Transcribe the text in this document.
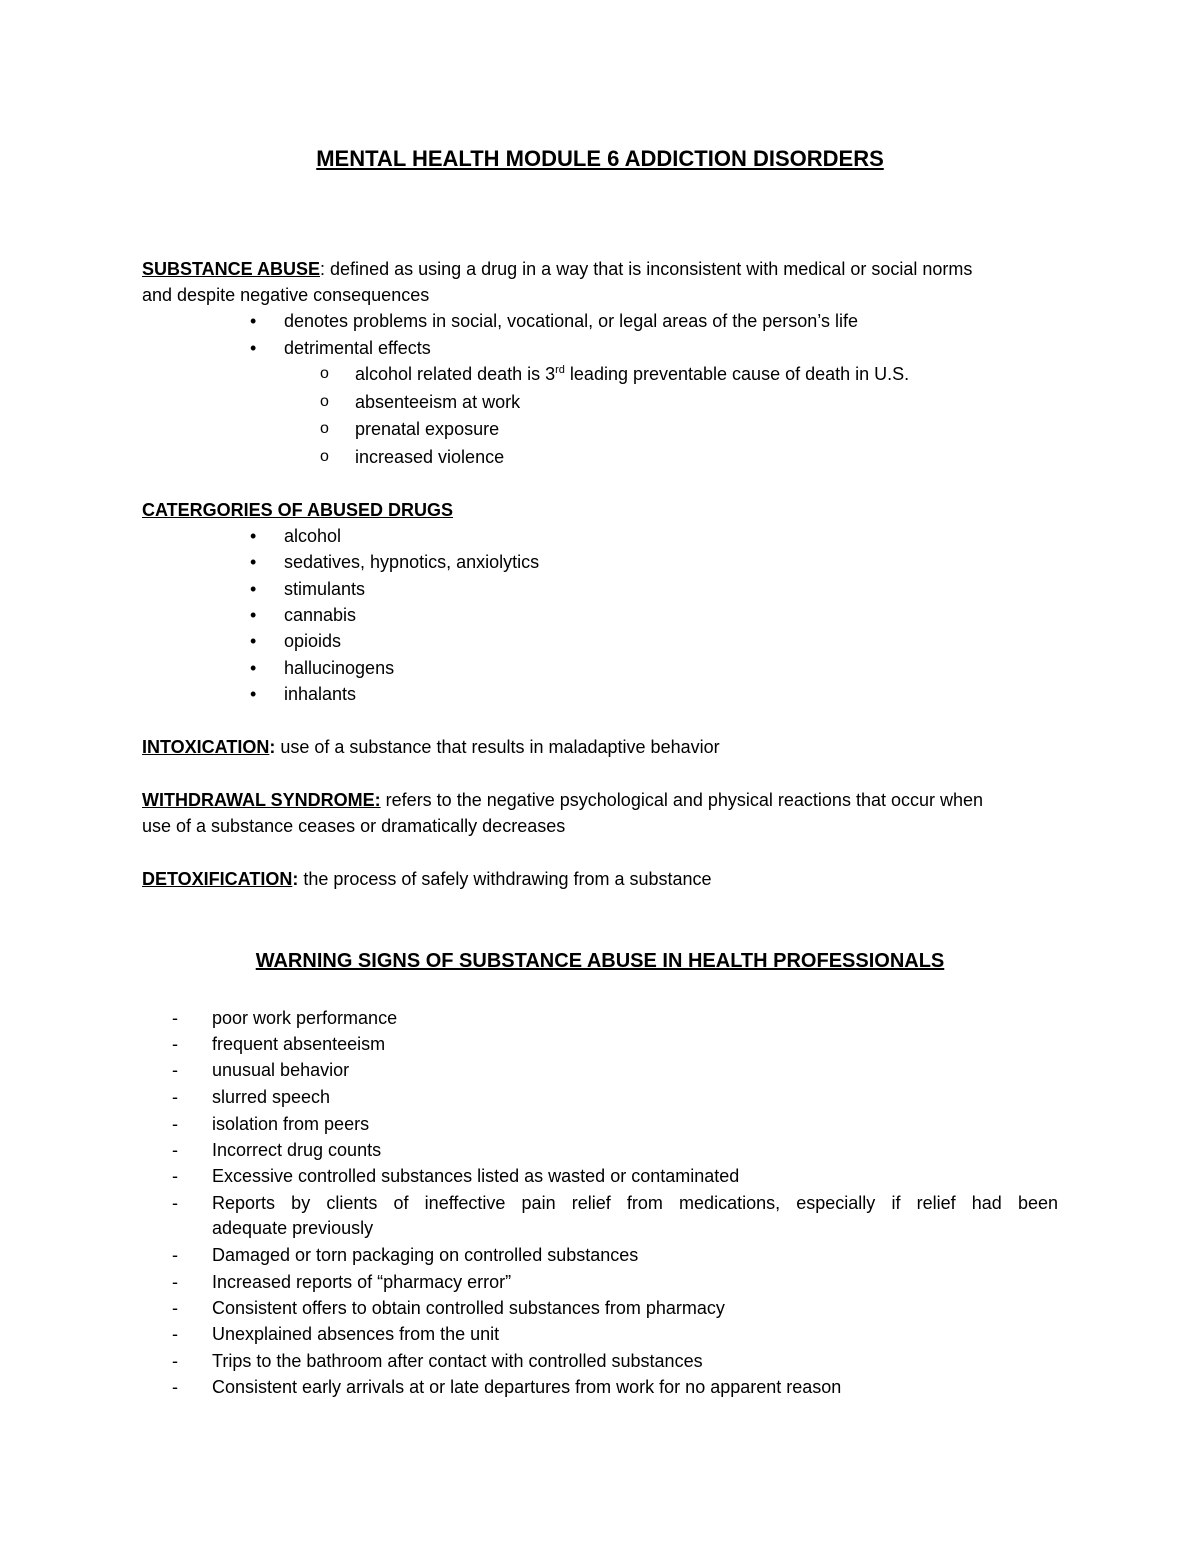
MENTAL HEALTH MODULE 6 ADDICTION DISORDERS
SUBSTANCE ABUSE: defined as using a drug in a way that is inconsistent with medical or social norms
and despite negative consequences
•	denotes problems in social, vocational, or legal areas of the person’s life
•	detrimental effects
o	alcohol related death is 3rd leading preventable cause of death in U.S.
o	absenteeism at work
o	prenatal exposure
o	increased violence
CATERGORIES OF ABUSED DRUGS
•	alcohol
•	sedatives, hypnotics, anxiolytics
•	stimulants
•	cannabis
•	opioids
•	hallucinogens
•	inhalants
INTOXICATION: use of a substance that results in maladaptive behavior
WITHDRAWAL SYNDROME: refers to the negative psychological and physical reactions that occur when
use of a substance ceases or dramatically decreases
DETOXIFICATION: the process of safely withdrawing from a substance
WARNING SIGNS OF SUBSTANCE ABUSE IN HEALTH PROFESSIONALS
-	poor work performance
-	frequent absenteeism
-	unusual behavior
-	slurred speech
-	isolation from peers
-	Incorrect drug counts
-	Excessive controlled substances listed as wasted or contaminated
-	Reports by clients of ineffective pain relief from medications, especially if relief had been
adequate previously
-	Damaged or torn packaging on controlled substances
-	Increased reports of “pharmacy error”
-	Consistent offers to obtain controlled substances from pharmacy
-	Unexplained absences from the unit
-	Trips to the bathroom after contact with controlled substances
-	Consistent early arrivals at or late departures from work for no apparent reason
